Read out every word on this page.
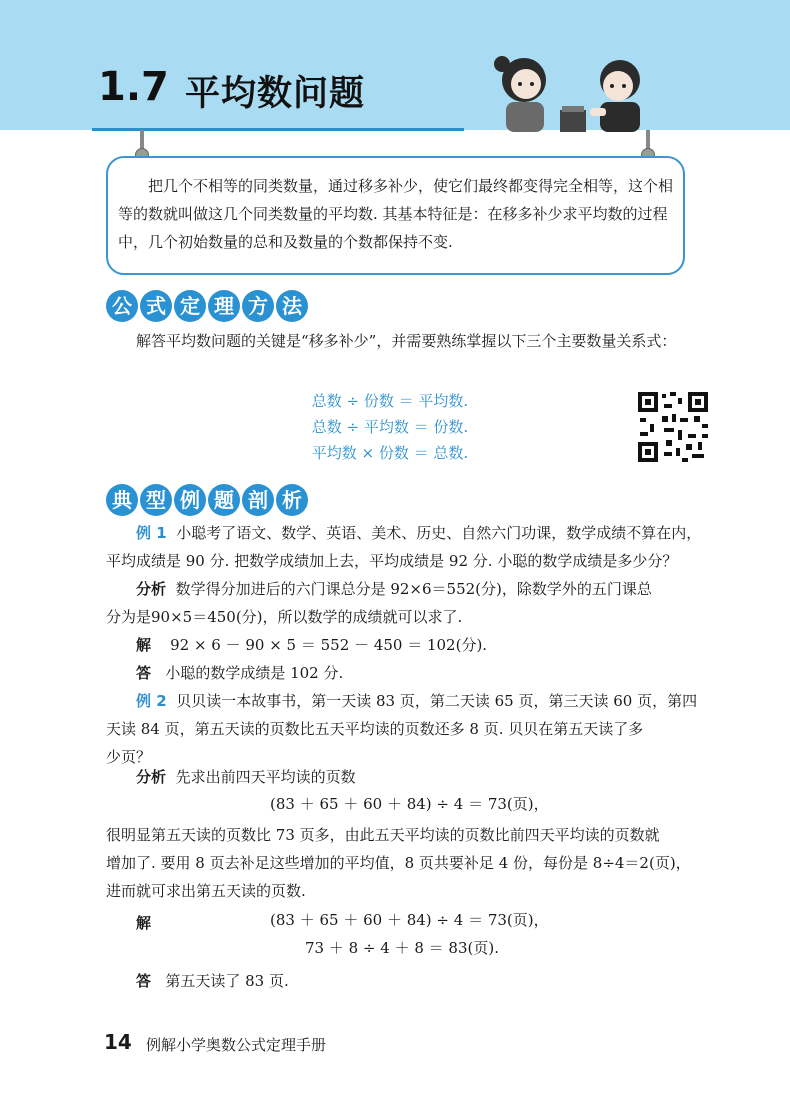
1.7 平均数问题

把几个不相等的同类数量，通过移多补少，使它们最终都变得完全相等，这个相等的数就叫做这几个同类数量的平均数. 其基本特征是：在移多补少求平均数的过程中，几个初始数量的总和及数量的个数都保持不变.

公 式 定 理 方 法

解答平均数问题的关键是“移多补少”，并需要熟练掌握以下三个主要数量关系式：

总数 ÷ 份数 ＝ 平均数.

总数 ÷ 平均数 ＝ 份数.

平均数 × 份数 ＝ 总数.

典 型 例 题 剖 析

例 1 小聪考了语文、数学、英语、美术、历史、自然六门功课，数学成绩不算在内，

平均成绩是 90 分. 把数学成绩加上去，平均成绩是 92 分. 小聪的数学成绩是多少分？

分析 数学得分加进后的六门课总分是 92×6＝552(分)，除数学外的五门课总

分为是90×5＝450(分)，所以数学的成绩就可以求了.

解 92 × 6 － 90 × 5 ＝ 552 － 450 ＝ 102(分).

答 小聪的数学成绩是 102 分.

例 2 贝贝读一本故事书，第一天读 83 页，第二天读 65 页，第三天读 60 页，第四

天读 84 页，第五天读的页数比五天平均读的页数还多 8 页. 贝贝在第五天读了多

少页？

分析 先求出前四天平均读的页数

(83 ＋ 65 ＋ 60 ＋ 84) ÷ 4 ＝ 73(页)，

很明显第五天读的页数比 73 页多，由此五天平均读的页数比前四天平均读的页数就

增加了. 要用 8 页去补足这些增加的平均值，8 页共要补足 4 份，每份是 8÷4＝2(页)，

进而就可求出第五天读的页数.

解	(83 ＋ 65 ＋ 60 ＋ 84) ÷ 4 ＝ 73(页)，

73 ＋ 8 ÷ 4 ＋ 8 ＝ 83(页).

答 第五天读了 83 页.

14 例解小学奥数公式定理手册
